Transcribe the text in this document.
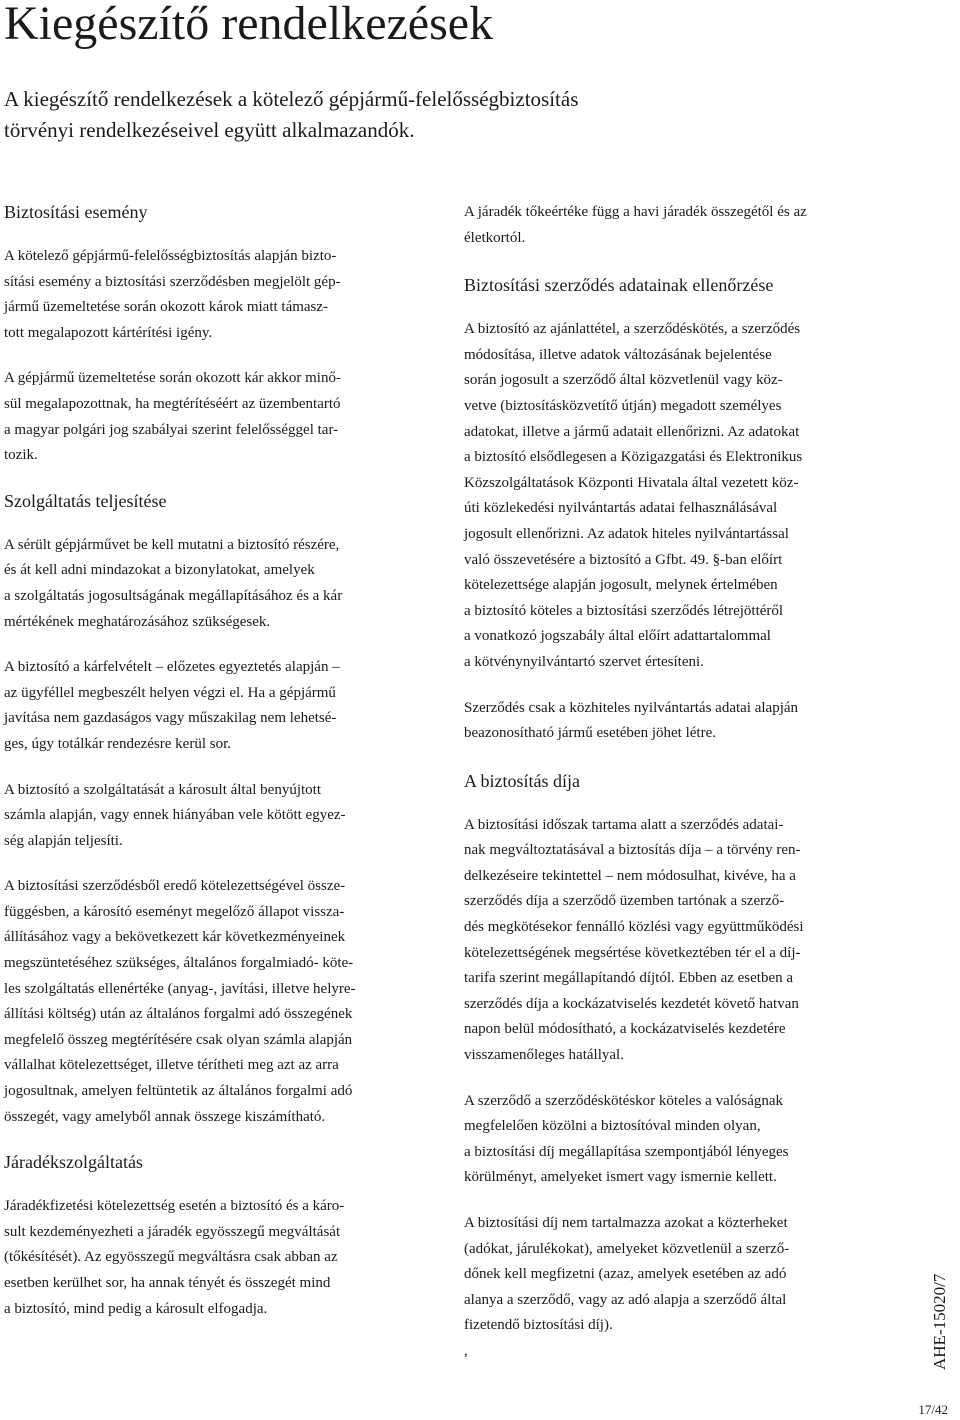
Kiegészítő rendelkezések
A kiegészítő rendelkezések a kötelező gépjármű-felelősségbiztosítás
törvényi rendelkezéseivel együtt alkalmazandók.
Biztosítási esemény

A kötelező gépjármű-felelősségbiztosítás alapján bizto-
sítási esemény a biztosítási szerződésben megjelölt gép-
jármű üzemeltetése során okozott károk miatt támasz-
tott megalapozott kártérítési igény.

A gépjármű üzemeltetése során okozott kár akkor minő-
sül megalapozottnak, ha megtérítéséért az üzembentartó
a magyar polgári jog szabályai szerint felelősséggel tar-
tozik.

Szolgáltatás teljesítése

A sérült gépjárművet be kell mutatni a biztosító részére,
és át kell adni mindazokat a bizonylatokat, amelyek
a szolgáltatás jogosultságának megállapításához és a kár
mértékének meghatározásához szükségesek.

A biztosító a kárfelvételt – előzetes egyeztetés alapján –
az ügyféllel megbeszélt helyen végzi el. Ha a gépjármű
javítása nem gazdaságos vagy műszakilag nem lehetsé-
ges, úgy totálkár rendezésre kerül sor.

A biztosító a szolgáltatását a károsult által benyújtott
számla alapján, vagy ennek hiányában vele kötött egyez-
ség alapján teljesíti.

A biztosítási szerződésből eredő kötelezettségével össze-
függésben, a károsító eseményt megelőző állapot vissza-
állításához vagy a bekövetkezett kár következményeinek
megszüntetéséhez szükséges, általános forgalmiadó- köte-
les szolgáltatás ellenértéke (anyag-, javítási, illetve helyre-
állítási költség) után az általános forgalmi adó összegének
megfelelő összeg megtérítésére csak olyan számla alapján
vállalhat kötelezettséget, illetve térítheti meg azt az arra
jogosultnak, amelyen feltüntetik az általános forgalmi adó
összegét, vagy amelyből annak összege kiszámítható.

Járadékszolgáltatás

Járadékfizetési kötelezettség esetén a biztosító és a káro-
sult kezdeményezheti a járadék egyösszegű megváltását
(tőkésítését). Az egyösszegű megváltásra csak abban az
esetben kerülhet sor, ha annak tényét és összegét mind
a biztosító, mind pedig a károsult elfogadja.

A járadék tőkeértéke függ a havi járadék összegétől és az
életkortól.

Biztosítási szerződés adatainak ellenőrzése

A biztosító az ajánlattétel, a szerződéskötés, a szerződés
módosítása, illetve adatok változásának bejelentése
során jogosult a szerződő által közvetlenül vagy köz-
vetve (biztosításközvetítő útján) megadott személyes
adatokat, illetve a jármű adatait ellenőrizni. Az adatokat
a biztosító elsődlegesen a Közigazgatási és Elektronikus
Közszolgáltatások Központi Hivatala által vezetett köz-
úti közlekedési nyilvántartás adatai felhasználásával
jogosult ellenőrizni. Az adatok hiteles nyilvántartással
való összevetésére a biztosító a Gfbt. 49. §-ban előírt
kötelezettsége alapján jogosult, melynek értelmében
a biztosító köteles a biztosítási szerződés létrejöttéről
a vonatkozó jogszabály által előírt adattartalommal
a kötvénynyilvántartó szervet értesíteni.

Szerződés csak a közhiteles nyilvántartás adatai alapján
beazonosítható jármű esetében jöhet létre.

A biztosítás díja

A biztosítási időszak tartama alatt a szerződés adatai-
nak megváltoztatásával a biztosítás díja – a törvény ren-
delkezéseire tekintettel – nem módosulhat, kivéve, ha a
szerződés díja a szerződő üzemben tartónak a szerző-
dés megkötésekor fennálló közlési vagy együttműködési
kötelezettségének megsértése következtében tér el a díj-
tarifa szerint megállapítandó díjtól. Ebben az esetben a
szerződés díja a kockázatviselés kezdetét követő hatvan
napon belül módosítható, a kockázatviselés kezdetére
visszamenőleges hatállyal.

A szerződő a szerződéskötéskor köteles a valóságnak
megfelelően közölni a biztosítóval minden olyan,
a biztosítási díj megállapítása szempontjából lényeges
körülményt, amelyeket ismert vagy ismernie kellett.

A biztosítási díj nem tartalmazza azokat a közterheket
(adókat, járulékokat), amelyeket közvetlenül a szerző-
dőnek kell megfizetni (azaz, amelyek esetében az adó
alanya a szerződő, vagy az adó alapja a szerződő által
fizetendő biztosítási díj).
,	AHE-15020/7
17/42
